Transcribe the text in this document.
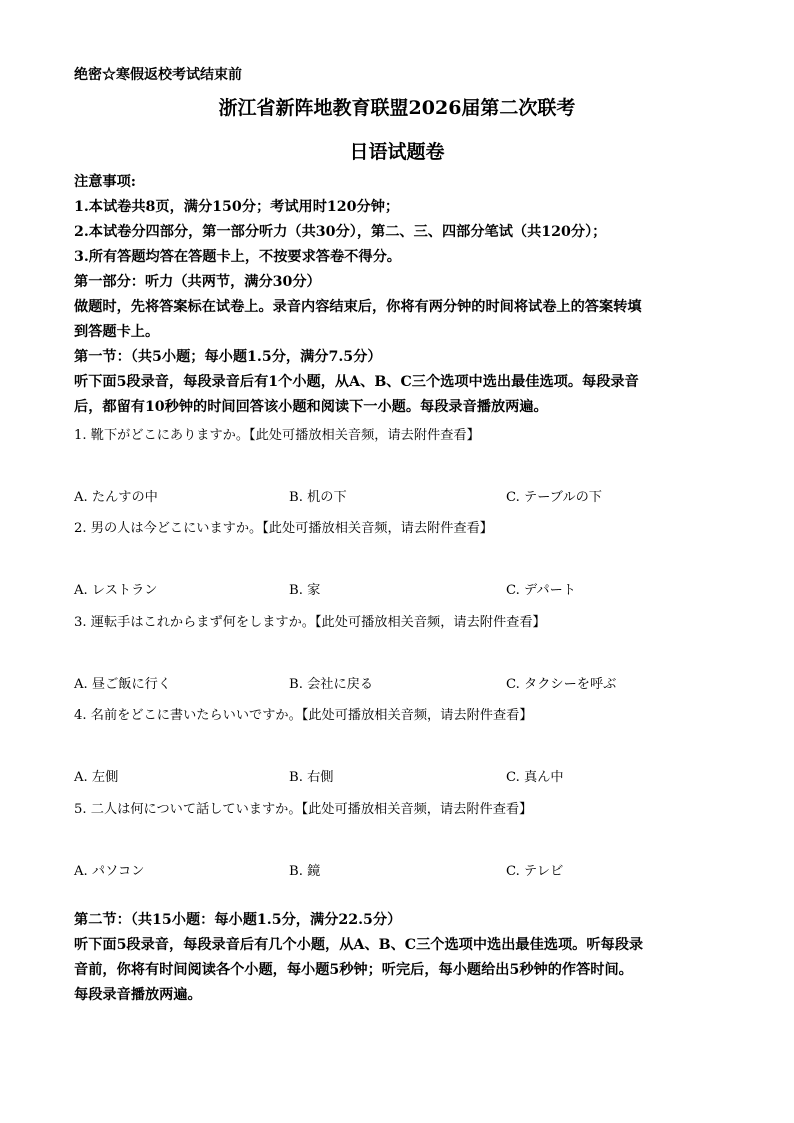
绝密☆寒假返校考试结束前
浙江省新阵地教育联盟2026届第二次联考
日语试题卷
注意事项:
1.本试卷共8页，满分150分；考试用时120分钟；
2.本试卷分四部分，第一部分听力（共30分），第二、三、四部分笔试（共120分）；
3.所有答题均答在答题卡上，不按要求答卷不得分。
第一部分：听力（共两节，满分30分）
做题时，先将答案标在试卷上。录音内容结束后，你将有两分钟的时间将试卷上的答案转填
到答题卡上。
第一节：（共5小题；每小题1.5分，满分7.5分）
听下面5段录音，每段录音后有1个小题，从A、B、C三个选项中选出最佳选项。每段录音
后，都留有10秒钟的时间回答该小题和阅读下一小题。每段录音播放两遍。
1. 靴下がどこにありますか。【此处可播放相关音频，请去附件查看】
A. たんすの中	B. 机の下	C. テーブルの下
2. 男の人は今どこにいますか。【此处可播放相关音频，请去附件查看】
A. レストラン	B. 家	C. デパート
3. 運転手はこれからまず何をしますか。【此处可播放相关音频，请去附件查看】
A. 昼ご飯に行く	B. 会社に戻る	C. タクシーを呼ぶ
4. 名前をどこに書いたらいいですか。【此处可播放相关音频，请去附件查看】
A. 左側	B. 右側	C. 真ん中
5. 二人は何について話していますか。【此处可播放相关音频，请去附件查看】
A. パソコン	B. 鏡	C. テレビ
第二节：（共15小题：每小题1.5分，满分22.5分）
听下面5段录音，每段录音后有几个小题，从A、B、C三个选项中选出最佳选项。听每段录
音前，你将有时间阅读各个小题，每小题5秒钟；听完后，每小题给出5秒钟的作答时间。
每段录音播放两遍。
